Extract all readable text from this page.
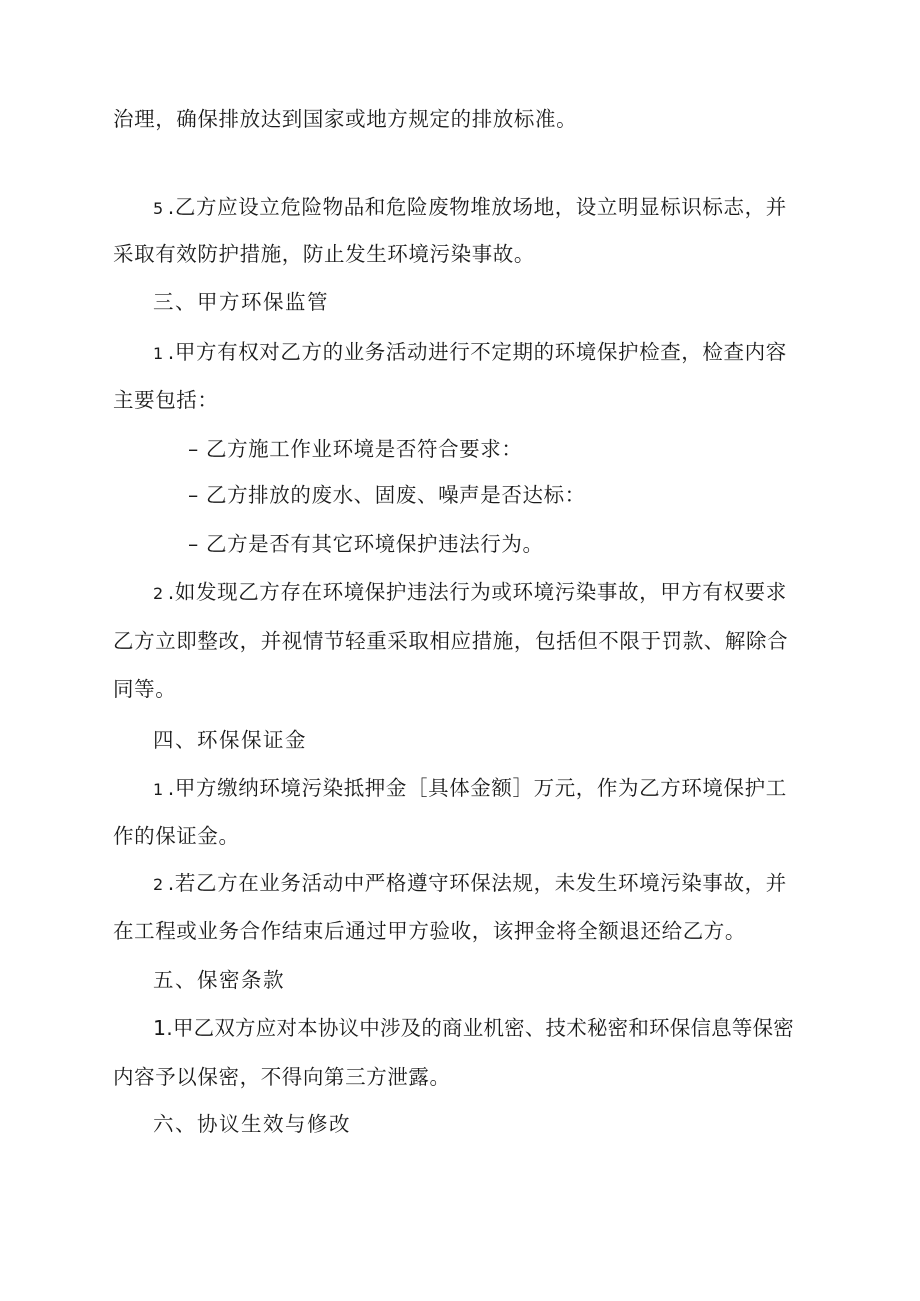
治理，确保排放达到国家或地方规定的排放标准。
5 .乙方应设立危险物品和危险废物堆放场地，设立明显标识标志，并
采取有效防护措施，防止发生环境污染事故。
三、甲方环保监管
1 .甲方有权对乙方的业务活动进行不定期的环境保护检查，检查内容
主要包括：
– 乙方施工作业环境是否符合要求：
– 乙方排放的废水、固废、噪声是否达标：
– 乙方是否有其它环境保护违法行为。
2 .如发现乙方存在环境保护违法行为或环境污染事故，甲方有权要求
乙方立即整改，并视情节轻重采取相应措施，包括但不限于罚款、解除合
同等。
四、环保保证金
1 .甲方缴纳环境污染抵押金［具体金额］万元，作为乙方环境保护工
作的保证金。
2 .若乙方在业务活动中严格遵守环保法规，未发生环境污染事故，并
在工程或业务合作结束后通过甲方验收，该押金将全额退还给乙方。
五、保密条款
1.甲乙双方应对本协议中涉及的商业机密、技术秘密和环保信息等保密
内容予以保密，不得向第三方泄露。
六、协议生效与修改
